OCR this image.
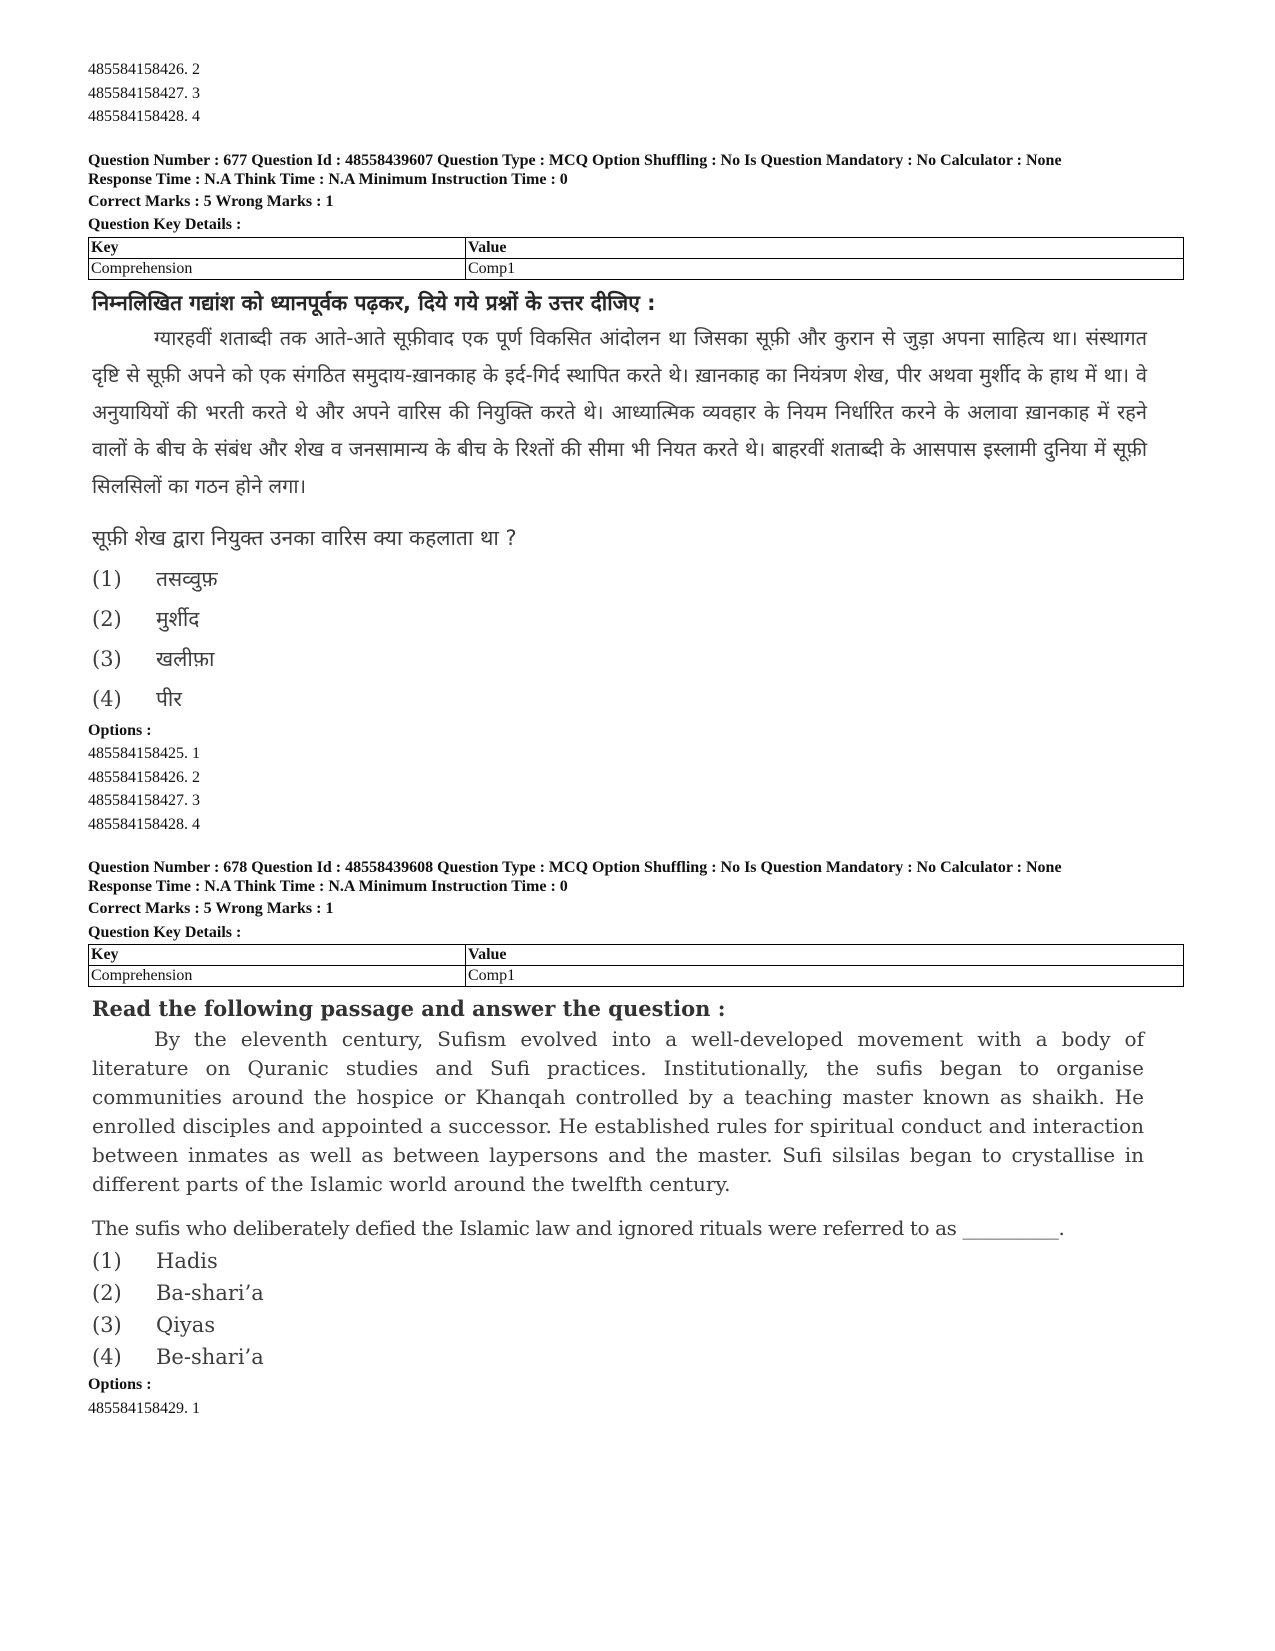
485584158426. 2

485584158427. 3

485584158428. 4

Question Number : 677 Question Id : 48558439607 Question Type : MCQ Option Shuffling : No Is Question Mandatory : No Calculator : None

Response Time : N.A Think Time : N.A Minimum Instruction Time : 0

Correct Marks : 5 Wrong Marks : 1

Question Key Details :

Key	Value
Comprehension	Comp1

निम्नलिखित गद्यांश को ध्यानपूर्वक पढ़कर, दिये गये प्रश्नों के उत्तर दीजिए :

ग्यारहवीं शताब्दी तक आते-आते सूफ़ीवाद एक पूर्ण विकसित आंदोलन था जिसका सूफ़ी और कुरान से जुड़ा अपना साहित्य था। संस्थागत दृष्टि से सूफ़ी अपने को एक संगठित समुदाय-ख़ानकाह के इर्द-गिर्द स्थापित करते थे। ख़ानकाह का नियंत्रण शेख, पीर अथवा मुर्शीद के हाथ में था। वे अनुयायियों की भरती करते थे और अपने वारिस की नियुक्ति करते थे। आध्यात्मिक व्यवहार के नियम निर्धारित करने के अलावा ख़ानकाह में रहने वालों के बीच के संबंध और शेख व जनसामान्य के बीच के रिश्तों की सीमा भी नियत करते थे। बाहरवीं शताब्दी के आसपास इस्लामी दुनिया में सूफ़ी सिलसिलों का गठन होने लगा।

सूफ़ी शेख द्वारा नियुक्त उनका वारिस क्या कहलाता था ?

(1)	तसव्वुफ़
(2)	मुर्शीद
(3)	खलीफ़ा
(4)	पीर

Options :

485584158425. 1

485584158426. 2

485584158427. 3

485584158428. 4

Question Number : 678 Question Id : 48558439608 Question Type : MCQ Option Shuffling : No Is Question Mandatory : No Calculator : None

Response Time : N.A Think Time : N.A Minimum Instruction Time : 0

Correct Marks : 5 Wrong Marks : 1

Question Key Details :

Key	Value
Comprehension	Comp1

Read the following passage and answer the question :

By the eleventh century, Sufism evolved into a well-developed movement with a body of literature on Quranic studies and Sufi practices. Institutionally, the sufis began to organise communities around the hospice or Khanqah controlled by a teaching master known as shaikh. He enrolled disciples and appointed a successor. He established rules for spiritual conduct and interaction between inmates as well as between laypersons and the master. Sufi silsilas began to crystallise in different parts of the Islamic world around the twelfth century.

The sufis who deliberately defied the Islamic law and ignored rituals were referred to as __________.

(1)	Hadis
(2)	Ba-shari’a
(3)	Qiyas
(4)	Be-shari’a

Options :

485584158429. 1
